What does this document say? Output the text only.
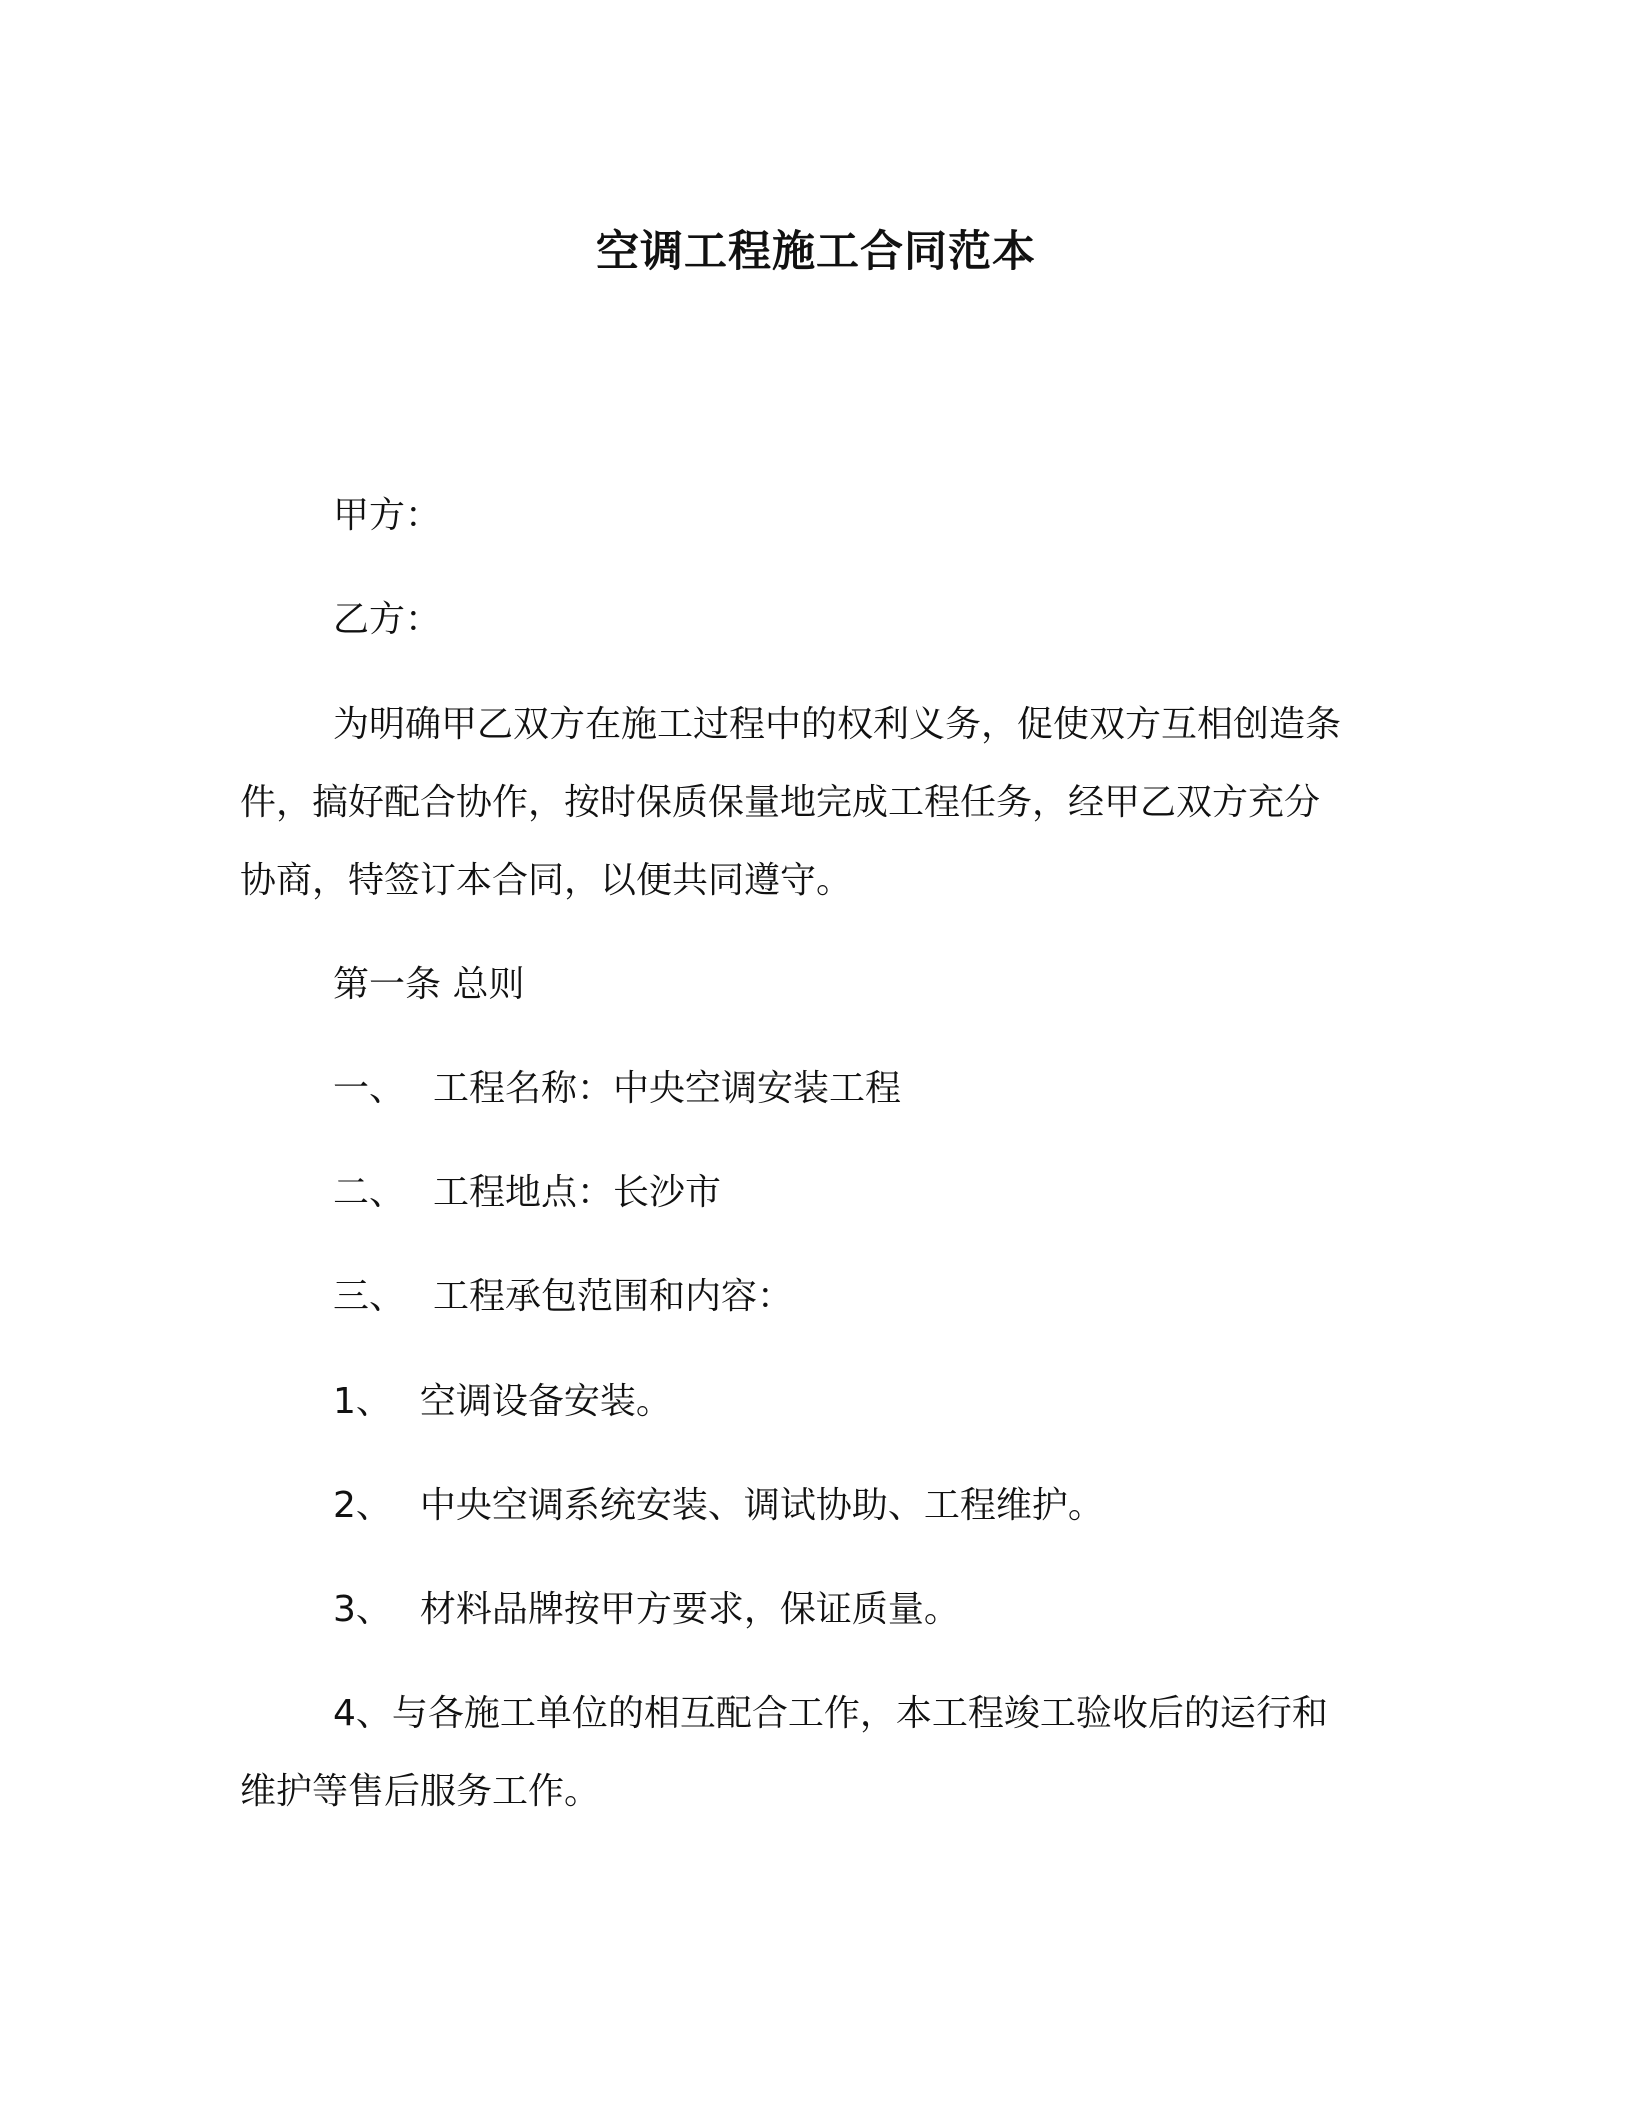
空调工程施工合同范本
甲方：
乙方：
为明确甲乙双方在施工过程中的权利义务，促使双方互相创造条
件，搞好配合协作，按时保质保量地完成工程任务，经甲乙双方充分
协商，特签订本合同，以便共同遵守。
第一条 总则
一、 工程名称：中央空调安装工程
二、 工程地点：长沙市
三、 工程承包范围和内容：
1、 空调设备安装。
2、 中央空调系统安装、调试协助、工程维护。
3、 材料品牌按甲方要求，保证质量。
4、与各施工单位的相互配合工作，本工程竣工验收后的运行和
维护等售后服务工作。
